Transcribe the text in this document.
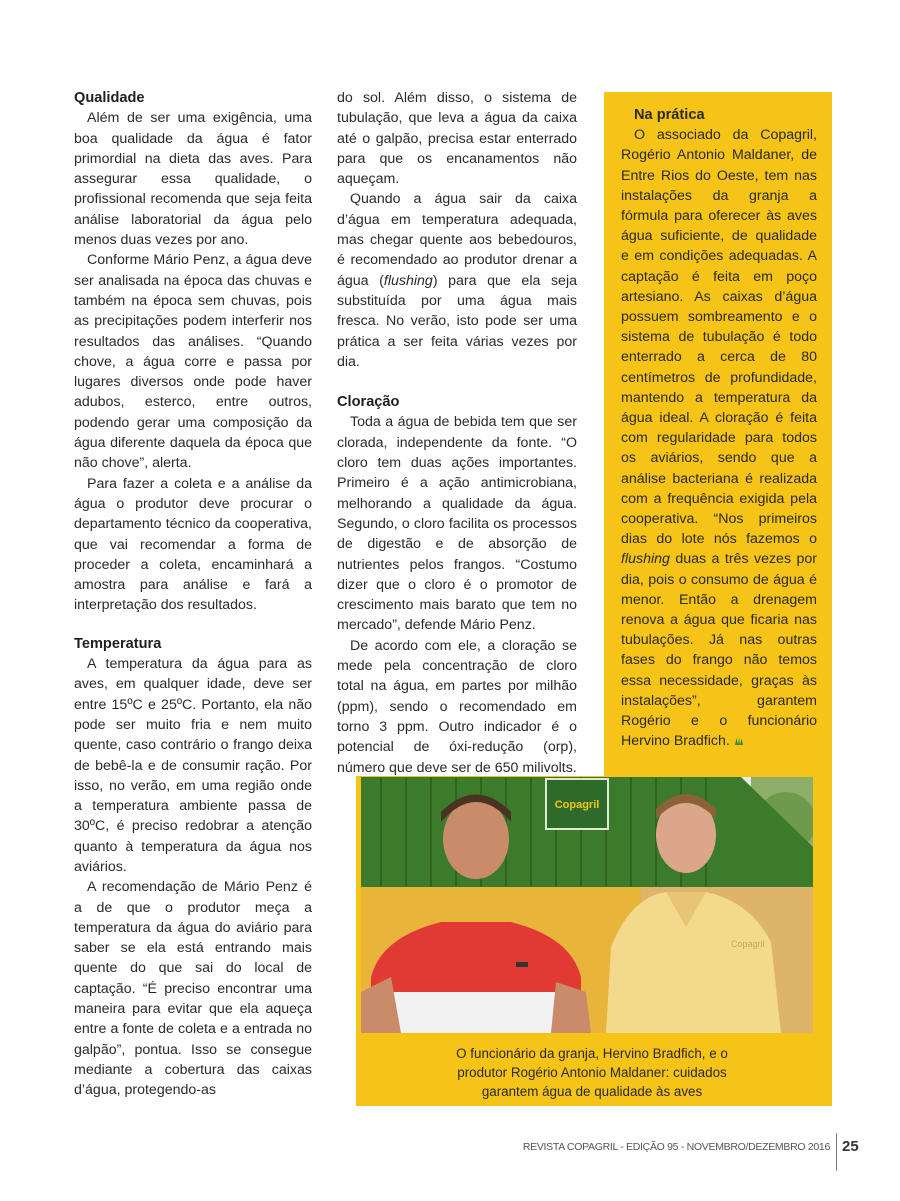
Qualidade

Além de ser uma exigência, uma boa qualidade da água é fator primordial na dieta das aves. Para assegurar essa qualidade, o profissional recomenda que seja feita análise laboratorial da água pelo menos duas vezes por ano.

Conforme Mário Penz, a água deve ser analisada na época das chuvas e também na época sem chuvas, pois as precipitações podem interferir nos resultados das análises. “Quando chove, a água corre e passa por lugares diversos onde pode haver adubos, esterco, entre outros, podendo gerar uma composição da água diferente daquela da época que não chove”, alerta.

Para fazer a coleta e a análise da água o produtor deve procurar o departamento técnico da cooperativa, que vai recomendar a forma de proceder a coleta, encaminhará a amostra para análise e fará a interpretação dos resultados.

Temperatura

A temperatura da água para as aves, em qualquer idade, deve ser entre 15ºC e 25ºC. Portanto, ela não pode ser muito fria e nem muito quente, caso contrário o frango deixa de bebê-la e de consumir ração. Por isso, no verão, em uma região onde a temperatura ambiente passa de 30ºC, é preciso redobrar a atenção quanto à temperatura da água nos aviários.

A recomendação de Mário Penz é a de que o produtor meça a temperatura da água do aviário para saber se ela está entrando mais quente do que sai do local de captação. “É preciso encontrar uma maneira para evitar que ela aqueça entre a fonte de coleta e a entrada no galpão”, pontua. Isso se consegue mediante a cobertura das caixas d’água, protegendo-as

do sol. Além disso, o sistema de tubulação, que leva a água da caixa até o galpão, precisa estar enterrado para que os encanamentos não aqueçam.

Quando a água sair da caixa d’água em temperatura adequada, mas chegar quente aos bebedouros, é recomendado ao produtor drenar a água (flushing) para que ela seja substituída por uma água mais fresca. No verão, isto pode ser uma prática a ser feita várias vezes por dia.

Cloração

Toda a água de bebida tem que ser clorada, independente da fonte. “O cloro tem duas ações importantes. Primeiro é a ação antimicrobiana, melhorando a qualidade da água. Segundo, o cloro facilita os processos de digestão e de absorção de nutrientes pelos frangos. “Costumo dizer que o cloro é o promotor de crescimento mais barato que tem no mercado”, defende Mário Penz.

De acordo com ele, a cloração se mede pela concentração de cloro total na água, em partes por milhão (ppm), sendo o recomendado em torno 3 ppm. Outro indicador é o potencial de óxi-redução (orp), número que deve ser de 650 milivolts.

Na prática

O associado da Copagril, Rogério Antonio Maldaner, de Entre Rios do Oeste, tem nas instalações da granja a fórmula para oferecer às aves água suficiente, de qualidade e em condições adequadas. A captação é feita em poço artesiano. As caixas d’água possuem sombreamento e o sistema de tubulação é todo enterrado a cerca de 80 centímetros de profundidade, mantendo a temperatura da água ideal. A cloração é feita com regularidade para todos os aviários, sendo que a análise bacteriana é realizada com a frequência exigida pela cooperativa. “Nos primeiros dias do lote nós fazemos o flushing duas a três vezes por dia, pois o consumo de água é menor. Então a drenagem renova a água que ficaria nas tubulações. Já nas outras fases do frango não temos essa necessidade, graças às instalações”, garantem Rogério e o funcionário Hervino Bradfich.

Copagril
Copagril
O funcionário da granja, Hervino Bradfich, e o
produtor Rogério Antonio Maldaner: cuidados
garantem água de qualidade às aves
REVISTA COPAGRIL - EDIÇÃO 95 - NOVEMBRO/DEZEMBRO 2016 25
